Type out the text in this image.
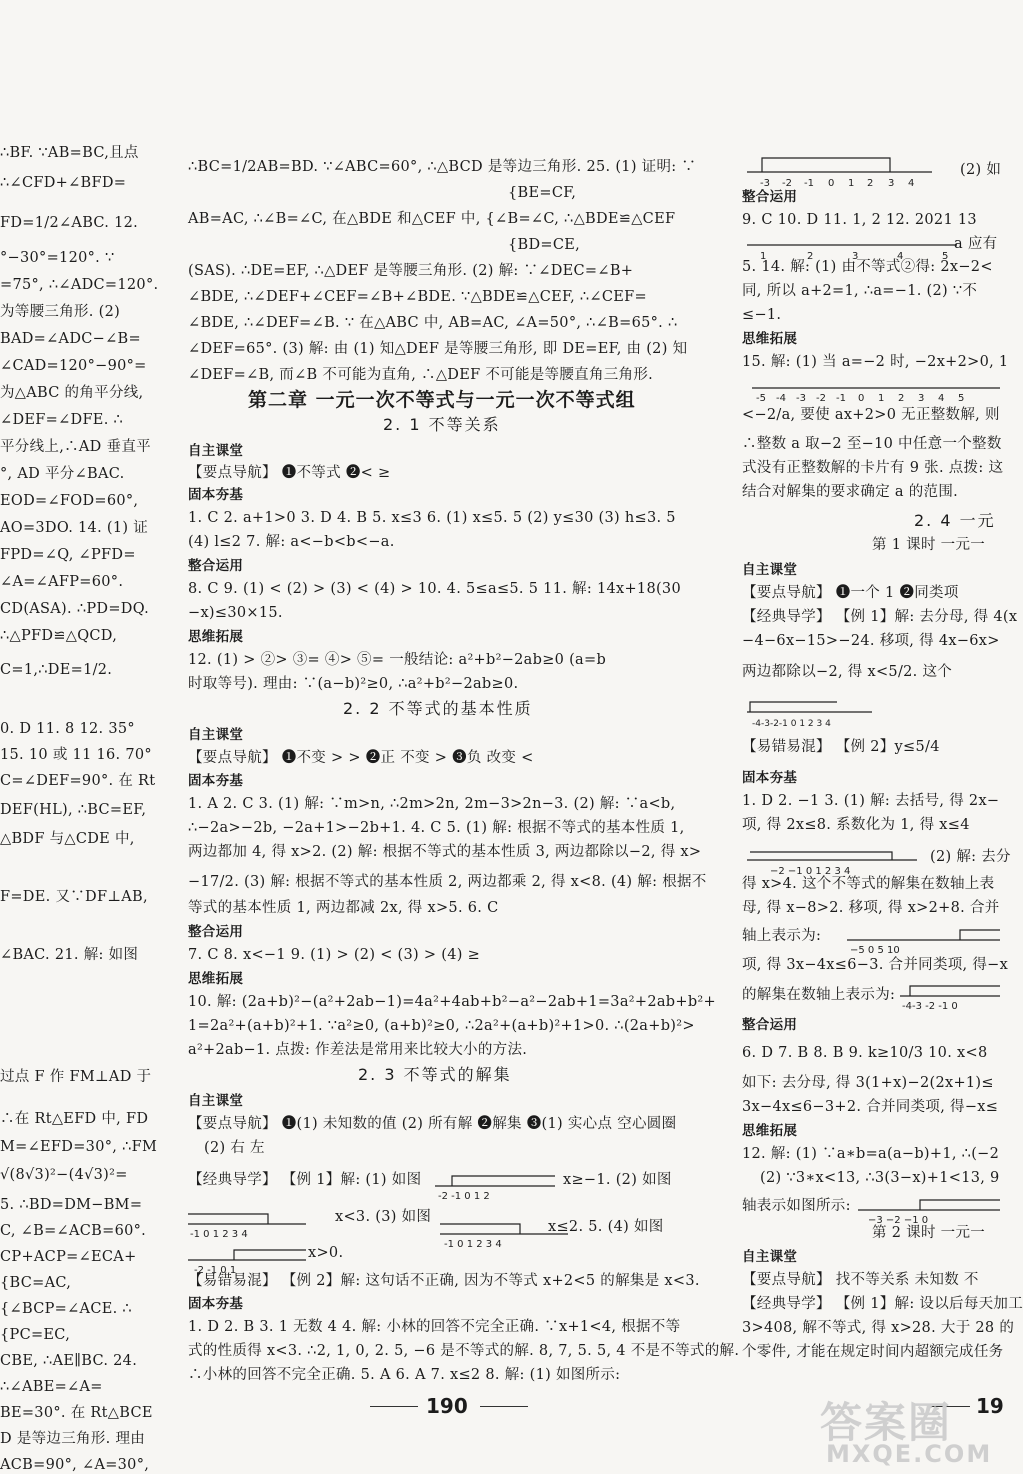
∴BF. ∵AB=BC,且点
∴∠CFD+∠BFD=
FD=1/2∠ABC. 12.
°−30°=120°. ∵
=75°, ∴∠ADC=120°.
为等腰三角形. (2)
BAD=∠ADC−∠B=
∠CAD=120°−90°=
为△ABC 的角平分线,
∠DEF=∠DFE. ∴
平分线上,∴AD 垂直平
°, AD 平分∠BAC.
EOD=∠FOD=60°,
AO=3DO. 14. (1) 证
FPD=∠Q, ∠PFD=
∠A=∠AFP=60°.
CD(ASA). ∴PD=DQ.
∴△PFD≌△QCD,
C=1,∴DE=1/2.
0. D 11. 8 12. 35°
15. 10 或 11 16. 70°
C=∠DEF=90°. 在 Rt
DEF(HL), ∴BC=EF,
△BDF 与△CDE 中,
F=DE. 又∵DF⊥AB,
∠BAC. 21. 解: 如图
过点 F 作 FM⊥AD 于
∴在 Rt△EFD 中, FD
M=∠EFD=30°, ∴FM
√(8√3)²−(4√3)²=
5. ∴BD=DM−BM=
C, ∠B=∠ACB=60°.
CP+ACP=∠ECA+
{BC=AC,
{∠BCP=∠ACE. ∴
{PC=EC,
CBE, ∴AE∥BC. 24.
∴∠ABE=∠A=
BE=30°. 在 Rt△BCE
D 是等边三角形. 理由
ACB=90°, ∠A=30°,
∴BC=1/2AB=BD. ∵∠ABC=60°, ∴△BCD 是等边三角形. 25. (1) 证明: ∵
{BE=CF,
AB=AC, ∴∠B=∠C, 在△BDE 和△CEF 中, {∠B=∠C, ∴△BDE≌△CEF
{BD=CE,
(SAS). ∴DE=EF, ∴△DEF 是等腰三角形. (2) 解: ∵∠DEC=∠B+
∠BDE, ∴∠DEF+∠CEF=∠B+∠BDE. ∵△BDE≌△CEF, ∴∠CEF=
∠BDE, ∴∠DEF=∠B. ∵ 在△ABC 中, AB=AC, ∠A=50°, ∴∠B=65°. ∴
∠DEF=65°. (3) 解: 由 (1) 知△DEF 是等腰三角形, 即 DE=EF, 由 (2) 知
∠DEF=∠B, 而∠B 不可能为直角, ∴△DEF 不可能是等腰直角三角形.
第二章 一元一次不等式与一元一次不等式组
2. 1 不等关系
自主课堂
【要点导航】 ❶不等式 ❷< ≥
固本夯基
1. C 2. a+1>0 3. D 4. B 5. x≤3 6. (1) x≤5. 5 (2) y≤30 (3) h≤3. 5
(4) l≤2 7. 解: a<−b<b<−a.
整合运用
8. C 9. (1) < (2) > (3) < (4) > 10. 4. 5≤a≤5. 5 11. 解: 14x+18(30
−x)≤30×15.
思维拓展
12. (1) > ②> ③= ④> ⑤= 一般结论: a²+b²−2ab≥0 (a=b
时取等号). 理由: ∵(a−b)²≥0, ∴a²+b²−2ab≥0.
2. 2 不等式的基本性质
自主课堂
【要点导航】 ❶不变 > > ❷正 不变 > ❸负 改变 <
固本夯基
1. A 2. C 3. (1) 解: ∵m>n, ∴2m>2n, 2m−3>2n−3. (2) 解: ∵a<b,
∴−2a>−2b, −2a+1>−2b+1. 4. C 5. (1) 解: 根据不等式的基本性质 1,
两边都加 4, 得 x>2. (2) 解: 根据不等式的基本性质 3, 两边都除以−2, 得 x>
−17/2. (3) 解: 根据不等式的基本性质 2, 两边都乘 2, 得 x<8. (4) 解: 根据不
等式的基本性质 1, 两边都减 2x, 得 x>5. 6. C
整合运用
7. C 8. x<−1 9. (1) > (2) < (3) > (4) ≥
思维拓展
10. 解: (2a+b)²−(a²+2ab−1)=4a²+4ab+b²−a²−2ab+1=3a²+2ab+b²+
1=2a²+(a+b)²+1. ∵a²≥0, (a+b)²≥0, ∴2a²+(a+b)²+1>0. ∴(2a+b)²>
a²+2ab−1. 点拨: 作差法是常用来比较大小的方法.
2. 3 不等式的解集
自主课堂
【要点导航】 ❶(1) 未知数的值 (2) 所有解 ❷解集 ❸(1) 实心点 空心圆圈
(2) 右 左
【经典导学】 【例 1】解: (1) 如图	x≥−1. (2) 如图
x<3. (3) 如图
x≤2. 5. (4) 如图
x>0.
【易错易混】 【例 2】解: 这句话不正确, 因为不等式 x+2<5 的解集是 x<3.
固本夯基
1. D 2. B 3. 1 无数 4 4. 解: 小林的回答不完全正确. ∵x+1<4, 根据不等
式的性质得 x<3. ∴2, 1, 0, 2. 5, −6 是不等式的解. 8, 7, 5. 5, 4 不是不等式的解.
∴小林的回答不完全正确. 5. A 6. A 7. x≤2 8. 解: (1) 如图所示:
(2) 如
整合运用
9. C 10. D 11. 1, 2 12. 2021 13
a 应有
5. 14. 解: (1) 由不等式②得: 2x−2<
同, 所以 a+2=1, ∴a=−1. (2) ∵不
≤−1.
思维拓展
15. 解: (1) 当 a=−2 时, −2x+2>0, 1
<−2/a, 要使 ax+2>0 无正整数解, 则
∴整数 a 取−2 至−10 中任意一个整数
式没有正整数解的卡片有 9 张. 点拨: 这
结合对解集的要求确定 a 的范围.
2. 4 一元
第 1 课时 一元一
自主课堂
【要点导航】 ❶一个 1 ❷同类项
【经典导学】 【例 1】解: 去分母, 得 4(x
−4−6x−15>−24. 移项, 得 4x−6x>
两边都除以−2, 得 x<5/2. 这个
【易错易混】 【例 2】y≤5/4
固本夯基
1. D 2. −1 3. (1) 解: 去括号, 得 2x−
项, 得 2x≤8. 系数化为 1, 得 x≤4
(2) 解: 去分
得 x>4. 这个不等式的解集在数轴上表
母, 得 x−8>2. 移项, 得 x>2+8. 合并
轴上表示为:
项, 得 3x−4x≤6−3. 合并同类项, 得−x
的解集在数轴上表示为:
整合运用
6. D 7. B 8. B 9. k≥10/3 10. x<8
如下: 去分母, 得 3(1+x)−2(2x+1)≤
3x−4x≤6−3+2. 合并同类项, 得−x≤
思维拓展
12. 解: (1) ∵a∗b=a(a−b)+1, ∴(−2
(2) ∵3∗x<13, ∴3(3−x)+1<13, 9
轴表示如图所示:
第 2 课时 一元一
自主课堂
【要点导航】 找不等关系 未知数 不
【经典导学】 【例 1】解: 设以后每天加工
3>408, 解不等式, 得 x>28. 大于 28 的
个零件, 才能在规定时间内超额完成任务
-3 -2 -1 0 1 2 3 4
1	2	3	4	5
-5 -4 -3 -2 -1 0 1 2 3 4 5
-4-3-2-1 0 1 2 3 4
−2 −1 0 1 2 3 4
−5 0 5 10
-4-3 -2 -1 0
−3 −2 −1 0
-2 -1 0 1 2
-1 0 1 2 3 4
-1 0 1 2 3 4
-2 -1 0 1
190	19
答案圈
MXQE.COM
